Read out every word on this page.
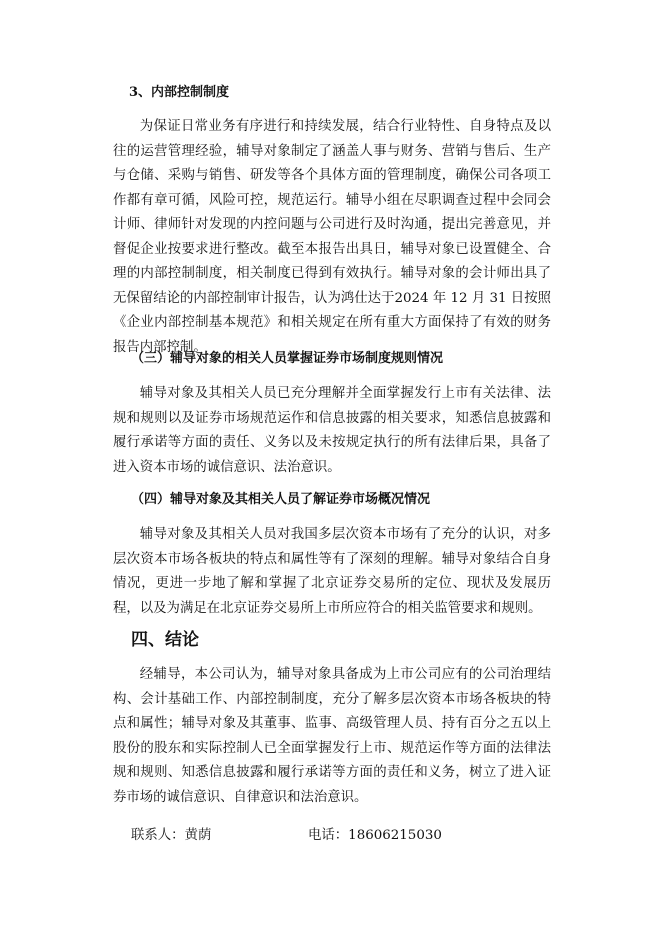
3、内部控制制度

为保证日常业务有序进行和持续发展，结合行业特性、自身特点及以往的运营管理经验，辅导对象制定了涵盖人事与财务、营销与售后、生产与仓储、采购与销售、研发等各个具体方面的管理制度，确保公司各项工作都有章可循，风险可控，规范运行。辅导小组在尽职调查过程中会同会计师、律师针对发现的内控问题与公司进行及时沟通，提出完善意见，并督促企业按要求进行整改。截至本报告出具日，辅导对象已设置健全、合理的内部控制制度，相关制度已得到有效执行。辅导对象的会计师出具了无保留结论的内部控制审计报告，认为鸿仕达于2024 年 12 月 31 日按照《企业内部控制基本规范》和相关规定在所有重大方面保持了有效的财务报告内部控制。

（三）辅导对象的相关人员掌握证券市场制度规则情况

辅导对象及其相关人员已充分理解并全面掌握发行上市有关法律、法规和规则以及证券市场规范运作和信息披露的相关要求，知悉信息披露和履行承诺等方面的责任、义务以及未按规定执行的所有法律后果，具备了进入资本市场的诚信意识、法治意识。

（四）辅导对象及其相关人员了解证券市场概况情况

辅导对象及其相关人员对我国多层次资本市场有了充分的认识，对多层次资本市场各板块的特点和属性等有了深刻的理解。辅导对象结合自身情况，更进一步地了解和掌握了北京证券交易所的定位、现状及发展历程，以及为满足在北京证券交易所上市所应符合的相关监管要求和规则。

四、结论

经辅导，本公司认为，辅导对象具备成为上市公司应有的公司治理结构、会计基础工作、内部控制制度，充分了解多层次资本市场各板块的特点和属性；辅导对象及其董事、监事、高级管理人员、持有百分之五以上股份的股东和实际控制人已全面掌握发行上市、规范运作等方面的法律法规和规则、知悉信息披露和履行承诺等方面的责任和义务，树立了进入证券市场的诚信意识、自律意识和法治意识。

联系人：黄荫	电话：18606215030
